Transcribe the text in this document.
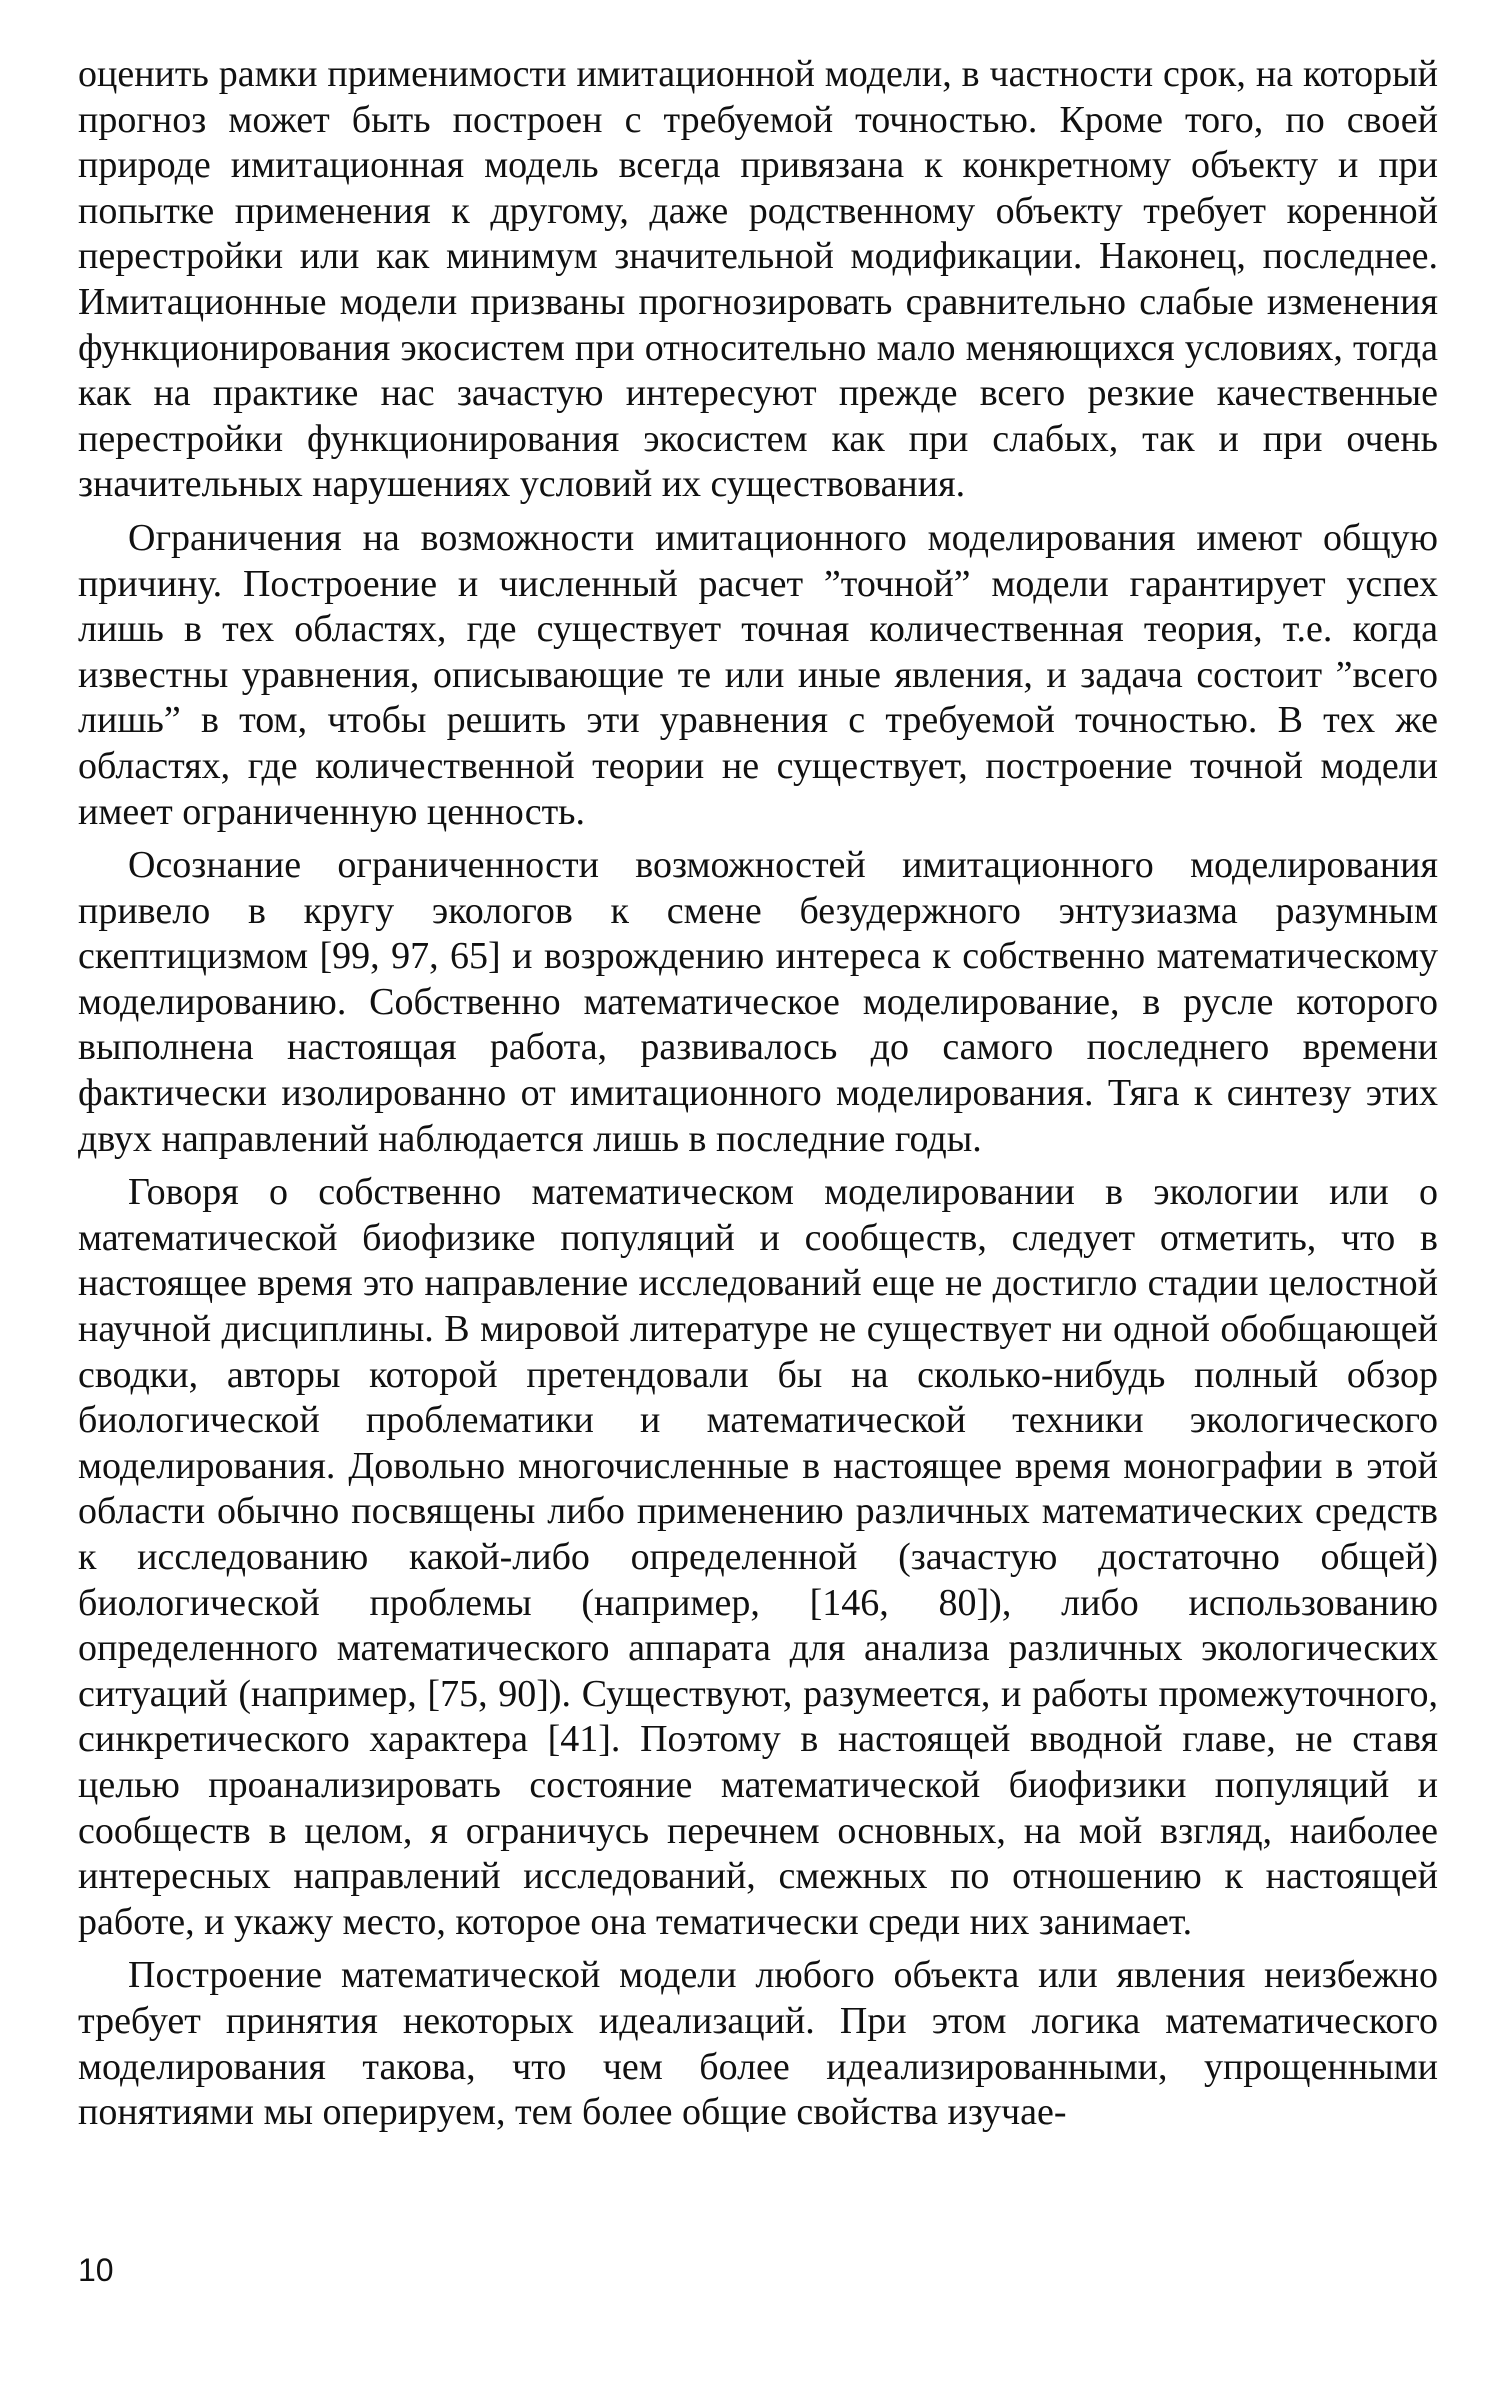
оценить рамки применимости имитационной модели, в частности срок, на который прогноз может быть построен с требуемой точностью. Кроме того, по своей природе имитационная модель всегда привязана к конкретному объекту и при попытке применения к другому, даже родственному объекту требует коренной перестройки или как минимум значительной модификации. Наконец, последнее. Имитационные модели призваны прогнозировать сравнительно слабые изменения функционирования экосистем при относительно мало меняющихся условиях, тогда как на практике нас зачастую интересуют прежде всего резкие качественные перестройки функционирования экосистем как при слабых, так и при очень значительных нарушениях условий их существования.

Ограничения на возможности имитационного моделирования имеют общую причину. Построение и численный расчет ”точной” модели гарантирует успех лишь в тех областях, где существует точная количественная теория, т.е. когда известны уравнения, описывающие те или иные явления, и задача состоит ”всего лишь” в том, чтобы решить эти уравнения с требуемой точностью. В тех же областях, где количественной теории не существует, построение точной модели имеет ограниченную ценность.

Осознание ограниченности возможностей имитационного моделирования привело в кругу экологов к смене безудержного энтузиазма разумным скептицизмом [99, 97, 65] и возрождению интереса к собственно математическому моделированию. Собственно математическое моделирование, в русле которого выполнена настоящая работа, развивалось до самого последнего времени фактически изолированно от имитационного моделирования. Тяга к синтезу этих двух направлений наблюдается лишь в последние годы.

Говоря о собственно математическом моделировании в экологии или о математической биофизике популяций и сообществ, следует отметить, что в настоящее время это направление исследований еще не достигло стадии целостной научной дисциплины. В мировой литературе не существует ни одной обобщающей сводки, авторы которой претендовали бы на сколько-нибудь полный обзор биологической проблематики и математической техники экологического моделирования. Довольно многочисленные в настоящее время монографии в этой области обычно посвящены либо применению различных математических средств к исследованию какой-либо определенной (зачастую достаточно общей) биологической проблемы (например, [146, 80]), либо использованию определенного математического аппарата для анализа различных экологических ситуаций (например, [75, 90]). Существуют, разумеется, и работы промежуточного, синкретического характера [41]. Поэтому в настоящей вводной главе, не ставя целью проанализировать состояние математической биофизики популяций и сообществ в целом, я ограничусь перечнем основных, на мой взгляд, наиболее интересных направлений исследований, смежных по отношению к настоящей работе, и укажу место, которое она тематически среди них занимает.

Построение математической модели любого объекта или явления неизбежно требует принятия некоторых идеализаций. При этом логика математического моделирования такова, что чем более идеализированными, упрощенными понятиями мы оперируем, тем более общие свойства изучае-

10
